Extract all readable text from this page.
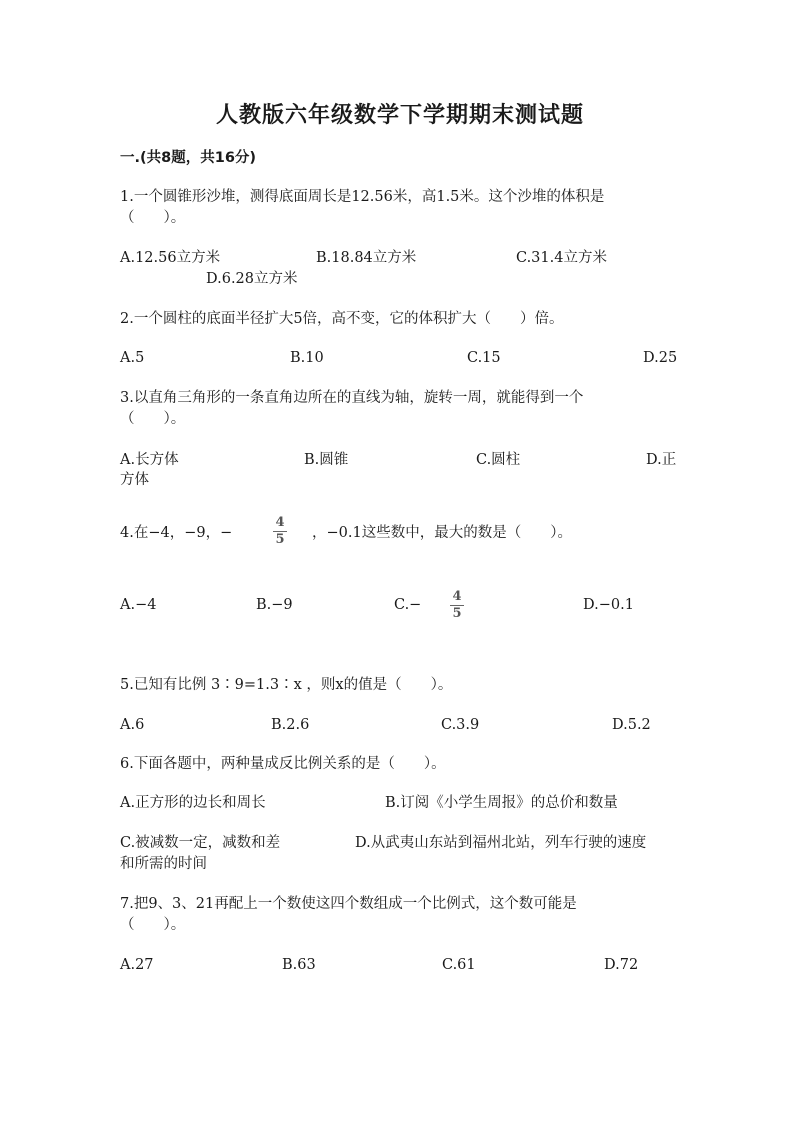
人教版六年级数学下学期期末测试题
一.(共8题，共16分)
1.一个圆锥形沙堆，测得底面周长是12.56米，高1.5米。这个沙堆的体积是
（　　）。
A.12.56立方米	B.18.84立方米	C.31.4立方米
D.6.28立方米
2.一个圆柱的底面半径扩大5倍，高不变，它的体积扩大（　　）倍。
A.5	B.10	C.15	D.25
3.以直角三角形的一条直角边所在的直线为轴，旋转一周，就能得到一个
（　　）。
A.长方体	B.圆锥	C.圆柱	D.正
方体
4.在−4，−9，−
4
5	，−0.1这些数中，最大的数是（　　）。
A.−4	B.−9	C.−
4
5
D.−0.1
5.已知有比例 3∶9=1.3∶x ，则x的值是（　　）。
A.6	B.2.6	C.3.9	D.5.2
6.下面各题中，两种量成反比例关系的是（　　）。
A.正方形的边长和周长	B.订阅《小学生周报》的总价和数量
C.被减数一定，减数和差	D.从武夷山东站到福州北站，列车行驶的速度
和所需的时间
7.把9、3、21再配上一个数使这四个数组成一个比例式，这个数可能是
（　　）。
A.27	B.63	C.61	D.72
